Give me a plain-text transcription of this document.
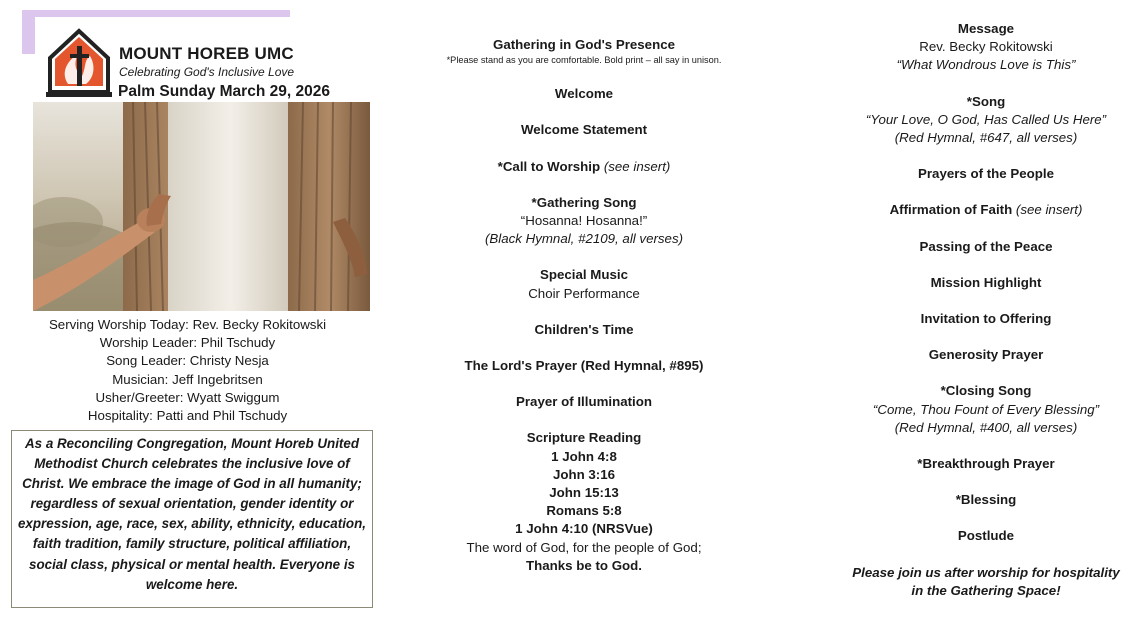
MOUNT HOREB UMC
Celebrating God's Inclusive Love
Palm Sunday March 29, 2026
Serving Worship Today: Rev. Becky Rokitowski
Worship Leader: Phil Tschudy
Song Leader: Christy Nesja
Musician: Jeff Ingebritsen
Usher/Greeter: Wyatt Swiggum
Hospitality: Patti and Phil Tschudy
As a Reconciling Congregation, Mount Horeb United Methodist Church celebrates the inclusive love of Christ. We embrace the image of God in all humanity; regardless of sexual orientation, gender identity or expression, age, race, sex, ability, ethnicity, education, faith tradition, family structure, political affiliation, social class, physical or mental health. Everyone is welcome here.
Gathering in God's Presence
*Please stand as you are comfortable. Bold print – all say in unison.
Welcome
Welcome Statement
*Call to Worship (see insert)
*Gathering Song
“Hosanna! Hosanna!”
(Black Hymnal, #2109, all verses)
Special Music
Choir Performance
Children's Time
The Lord's Prayer (Red Hymnal, #895)
Prayer of Illumination
Scripture Reading
1 John 4:8
John 3:16
John 15:13
Romans 5:8
1 John 4:10 (NRSVue)
The word of God, for the people of God;
Thanks be to God.
Message
Rev. Becky Rokitowski
“What Wondrous Love is This”
*Song
“Your Love, O God, Has Called Us Here”
(Red Hymnal, #647, all verses)
Prayers of the People
Affirmation of Faith (see insert)
Passing of the Peace
Mission Highlight
Invitation to Offering
Generosity Prayer
*Closing Song
“Come, Thou Fount of Every Blessing”
(Red Hymnal, #400, all verses)
*Breakthrough Prayer
*Blessing
Postlude
Please join us after worship for hospitality
in the Gathering Space!
